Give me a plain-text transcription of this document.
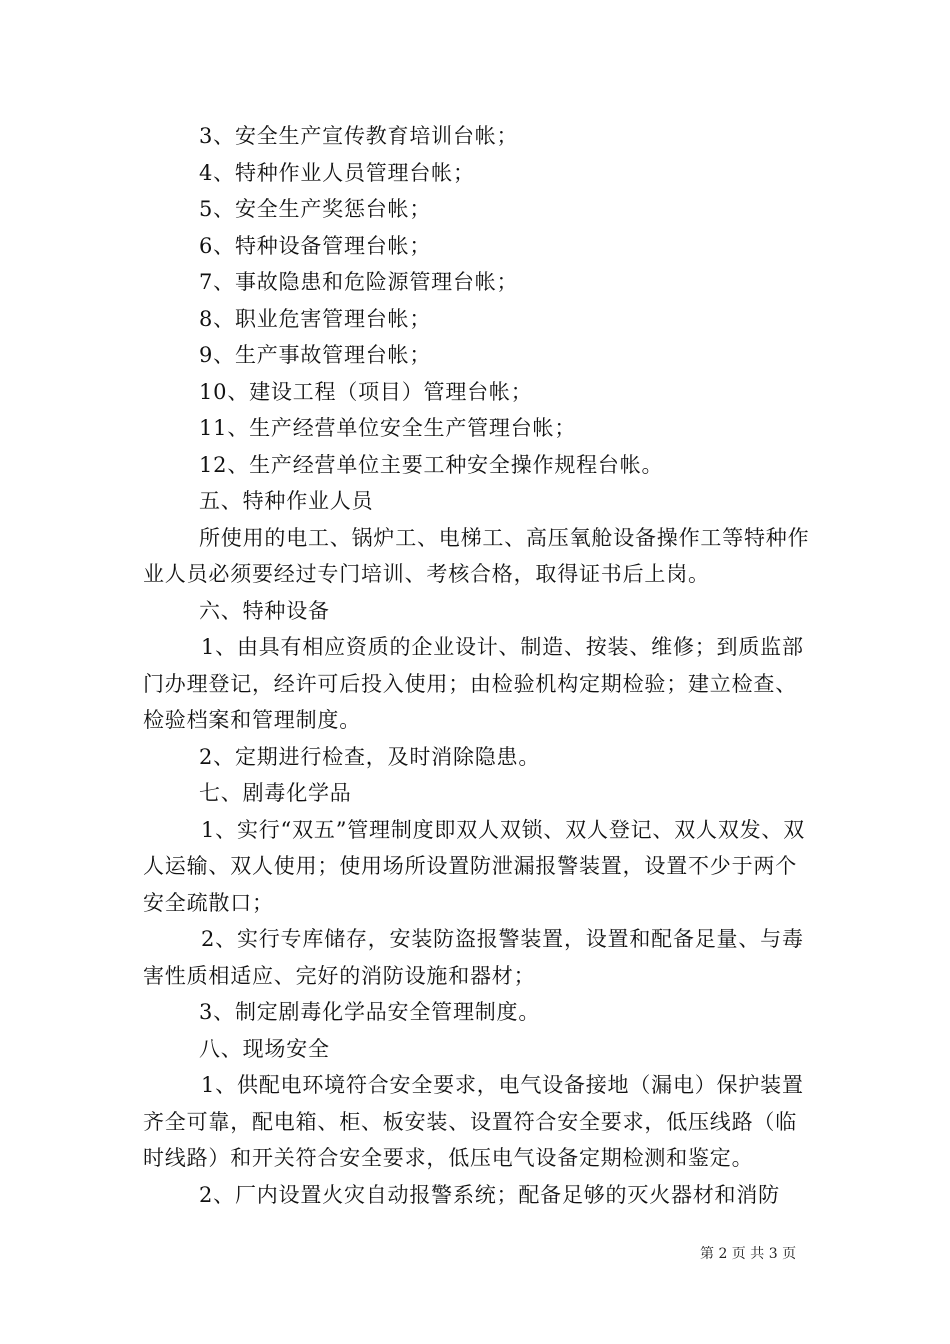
3、安全生产宣传教育培训台帐；

4、特种作业人员管理台帐；

5、安全生产奖惩台帐；

6、特种设备管理台帐；

7、事故隐患和危险源管理台帐；

8、职业危害管理台帐；

9、生产事故管理台帐；

10、建设工程（项目）管理台帐；

11、生产经营单位安全生产管理台帐；

12、生产经营单位主要工种安全操作规程台帐。

五、特种作业人员

所使用的电工、锅炉工、电梯工、高压氧舱设备操作工等特种作业人员必须要经过专门培训、考核合格，取得证书后上岗。

六、特种设备

1、由具有相应资质的企业设计、制造、按装、维修；到质监部门办理登记，经许可后投入使用；由检验机构定期检验；建立检查、检验档案和管理制度。

2、定期进行检查，及时消除隐患。

七、剧毒化学品

1、实行“双五”管理制度即双人双锁、双人登记、双人双发、双人运输、双人使用；使用场所设置防泄漏报警装置，设置不少于两个安全疏散口；

2、实行专库储存，安装防盗报警装置，设置和配备足量、与毒害性质相适应、完好的消防设施和器材；

3、制定剧毒化学品安全管理制度。

八、现场安全

1、供配电环境符合安全要求，电气设备接地（漏电）保护装置齐全可靠，配电箱、柜、板安装、设置符合安全要求，低压线路（临时线路）和开关符合安全要求，低压电气设备定期检测和鉴定。

2、厂内设置火灾自动报警系统；配备足够的灭火器材和消防

第 2 页 共 3 页
